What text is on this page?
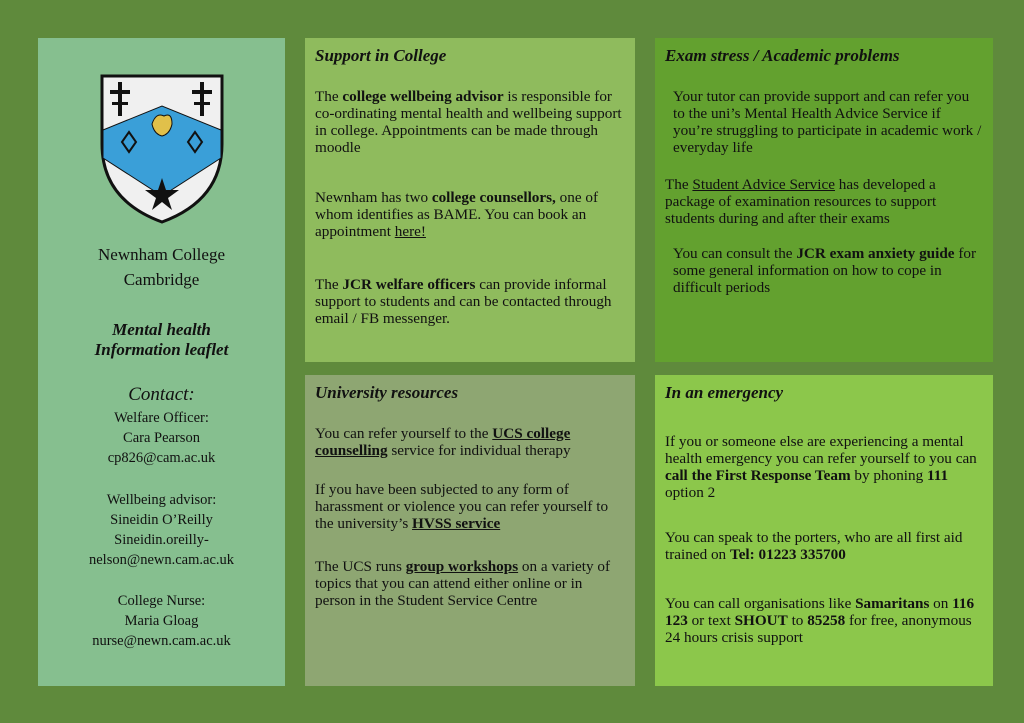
Newnham College
Cambridge
Mental health
Information leaflet
Contact:
Welfare Officer:
Cara Pearson
cp826@cam.ac.uk
Wellbeing advisor:
Sineidin O’Reilly
Sineidin.oreilly-
nelson@newn.cam.ac.uk
College Nurse:
Maria Gloag
nurse@newn.cam.ac.uk
Support in College
The college wellbeing advisor is responsible for co-ordinating mental health and wellbeing support in college. Appointments can be made through moodle
Newnham has two college counsellors, one of whom identifies as BAME. You can book an appointment here!
The JCR welfare officers can provide informal support to students and can be contacted through email / FB messenger.
Exam stress / Academic problems
Your tutor can provide support and can refer you to the uni’s Mental Health Advice Service if you’re struggling to participate in academic work / everyday life
The Student Advice Service has developed a package of examination resources to support students during and after their exams
You can consult the JCR exam anxiety guide for some general information on how to cope in difficult periods
University resources
You can refer yourself to the UCS college counselling service for individual therapy
If you have been subjected to any form of harassment or violence you can refer yourself to the university’s HVSS service
The UCS runs group workshops on a variety of topics that you can attend either online or in person in the Student Service Centre
In an emergency
If you or someone else are experiencing a mental health emergency you can refer yourself to you can call the First Response Team by phoning 111 option 2
You can speak to the porters, who are all first aid trained on Tel: 01223 335700
You can call organisations like Samaritans on 116 123 or text SHOUT to 85258 for free, anonymous 24 hours crisis support
